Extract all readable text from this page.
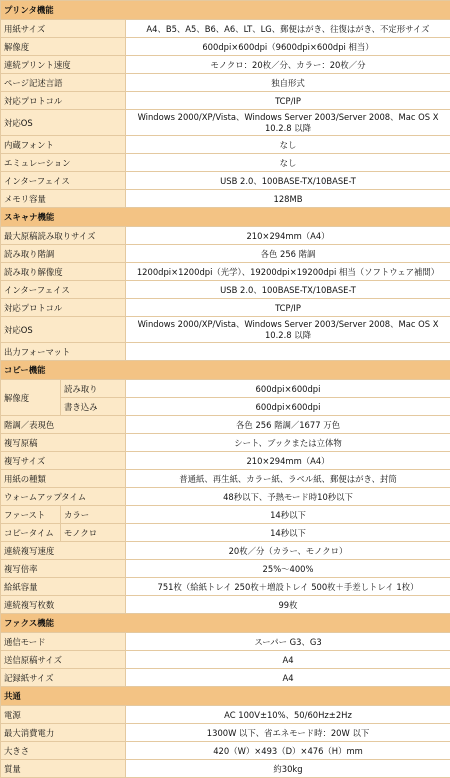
プリンタ機能		
用紙サイズ		A4、B5、A5、B6、A6、LT、LG、郵便はがき、往復はがき、不定形サイズ
解像度		600dpi×600dpi（9600dpi×600dpi 相当）
連続プリント速度		モノクロ：20枚／分、カラー：20枚／分
ページ記述言語		独自形式
対応プロトコル		TCP/IP
対応OS		Windows 2000/XP/Vista、Windows Server 2003/Server 2008、Mac OS X 10.2.8 以降
内蔵フォント		なし
エミュレーション		なし
インターフェイス		USB 2.0、100BASE-TX/10BASE-T
メモリ容量		128MB
スキャナ機能		
最大原稿読み取りサイズ		210×294mm（A4）
読み取り階調		各色 256 階調
読み取り解像度		1200dpi×1200dpi（光学）、19200dpi×19200dpi 相当（ソフトウェア補間）
インターフェイス		USB 2.0、100BASE-TX/10BASE-T
対応プロトコル		TCP/IP
対応OS		Windows 2000/XP/Vista、Windows Server 2003/Server 2008、Mac OS X 10.2.8 以降
出力フォーマット		
コピー機能		
解像度	読み取り	600dpi×600dpi
	書き込み	600dpi×600dpi
階調／表現色		各色 256 階調／1677 万色
複写原稿		シート、ブックまたは立体物
複写サイズ		210×294mm（A4）
用紙の種類		普通紙、再生紙、カラー紙、ラベル紙、郵便はがき、封筒
ウォームアップタイム		48秒以下、予熱モード時10秒以下
ファースト	カラー	14秒以下
コピータイム	モノクロ	14秒以下
連続複写速度		20枚／分（カラー、モノクロ）
複写倍率		25%～400%
給紙容量		751枚（給紙トレイ 250枚＋増設トレイ 500枚＋手差しトレイ 1枚）
連続複写枚数		99枚
ファクス機能		
通信モード		スーパー G3、G3
送信原稿サイズ		A4
記録紙サイズ		A4
共通		
電源		AC 100V±10%、50/60Hz±2Hz
最大消費電力		1300W 以下、省エネモード時：20W 以下
大きさ		420（W）×493（D）×476（H）mm
質量		約30kg
